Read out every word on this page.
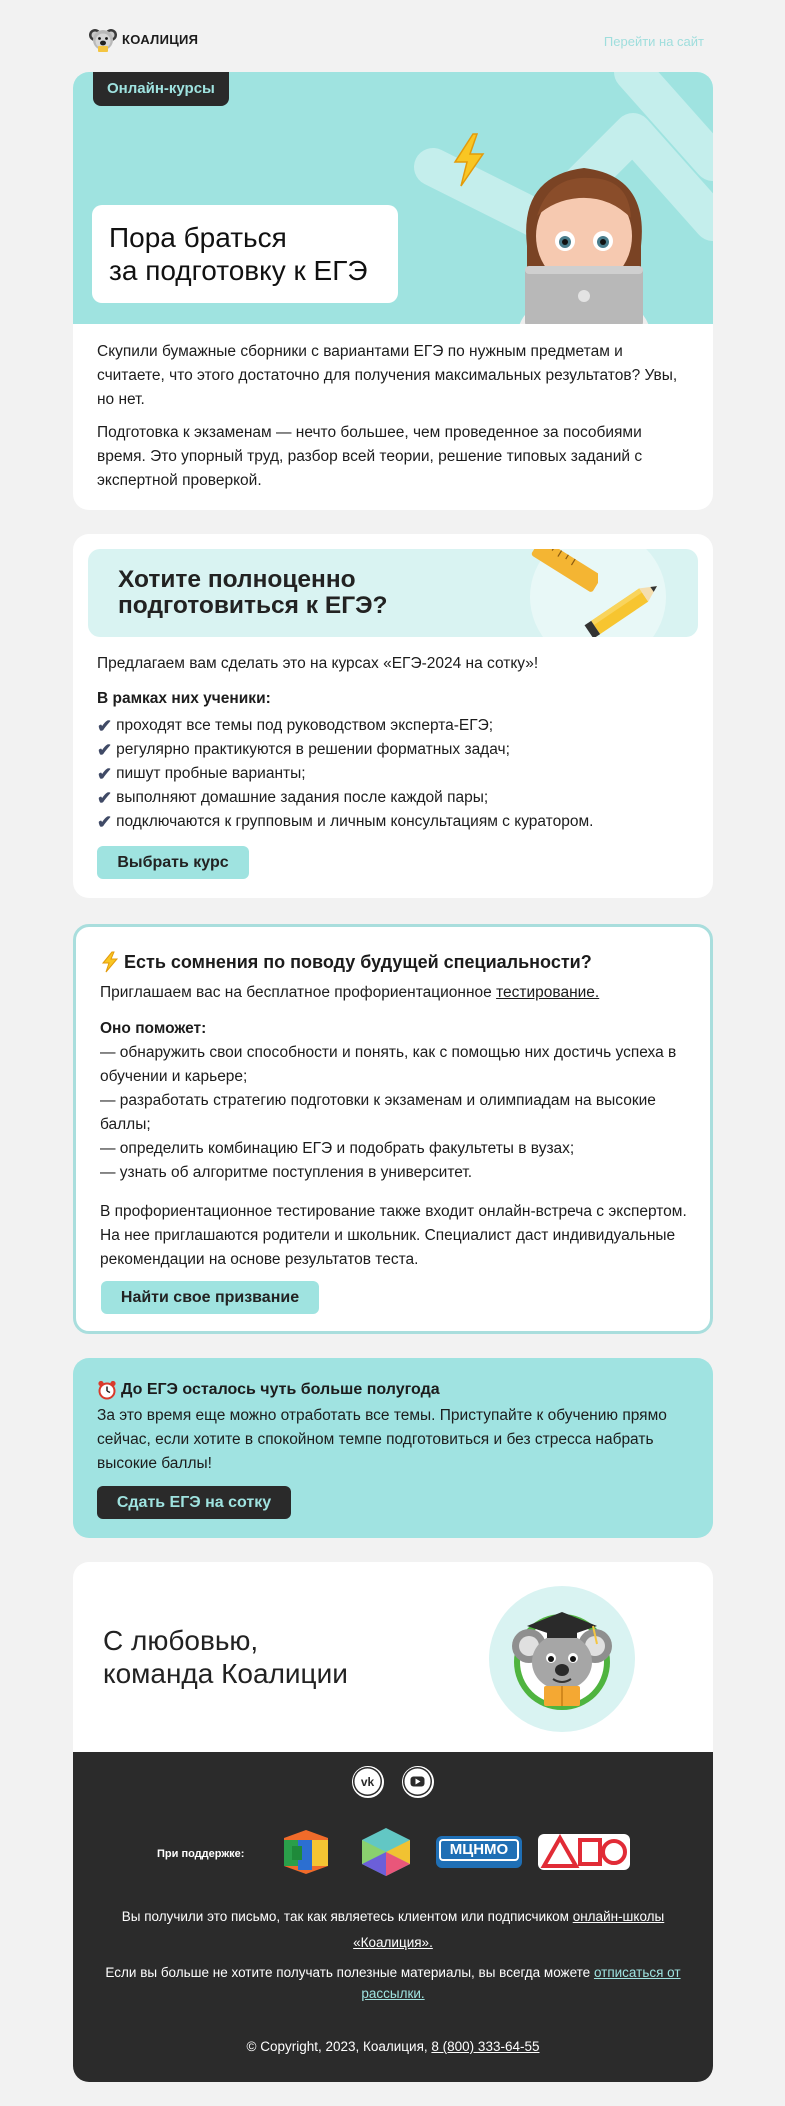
КОАЛИЦИЯ	Перейти на сайт
Онлайн-курсы
Пора браться
за подготовку к ЕГЭ

Скупили бумажные сборники с вариантами ЕГЭ по нужным предметам и считаете, что этого достаточно для получения максимальных результатов? Увы, но нет.

Подготовка к экзаменам — нечто большее, чем проведенное за пособиями время. Это упорный труд, разбор всей теории, решение типовых заданий с экспертной проверкой.

Хотите полноценно
подготовиться к ЕГЭ?

Предлагаем вам сделать это на курсах «ЕГЭ-2024 на сотку»!

В рамках них ученики:

✔ проходят все темы под руководством эксперта-ЕГЭ;
✔ регулярно практикуются в решении форматных задач;
✔ пишут пробные варианты;
✔ выполняют домашние задания после каждой пары;
✔ подключаются к групповым и личным консультациям с куратором.
Выбрать курс
Есть сомнения по поводу будущей специальности?

Приглашаем вас на бесплатное профориентационное тестирование.

Оно поможет:

— обнаружить свои способности и понять, как с помощью них достичь успеха в обучении и карьере;

— разработать стратегию подготовки к экзаменам и олимпиадам на высокие баллы;

— определить комбинацию ЕГЭ и подобрать факультеты в вузах;

— узнать об алгоритме поступления в университет.

В профориентационное тестирование также входит онлайн-встреча с экспертом. На нее приглашаются родители и школьник. Специалист даст индивидуальные рекомендации на основе результатов теста.

Найти свое призвание
До ЕГЭ осталось чуть больше полугода

За это время еще можно отработать все темы. Приступайте к обучению прямо сейчас, если хотите в спокойном темпе подготовиться и без стресса набрать высокие баллы!

Сдать ЕГЭ на сотку
С любовью,
команда Коалиции
vk
При поддержке:	МЦНМО

Вы получили это письмо, так как являетесь клиентом или подписчиком онлайн-школы «Коалиция».

Если вы больше не хотите получать полезные материалы, вы всегда можете отписаться от рассылки.

© Copyright, 2023, Коалиция, 8 (800) 333-64-55
